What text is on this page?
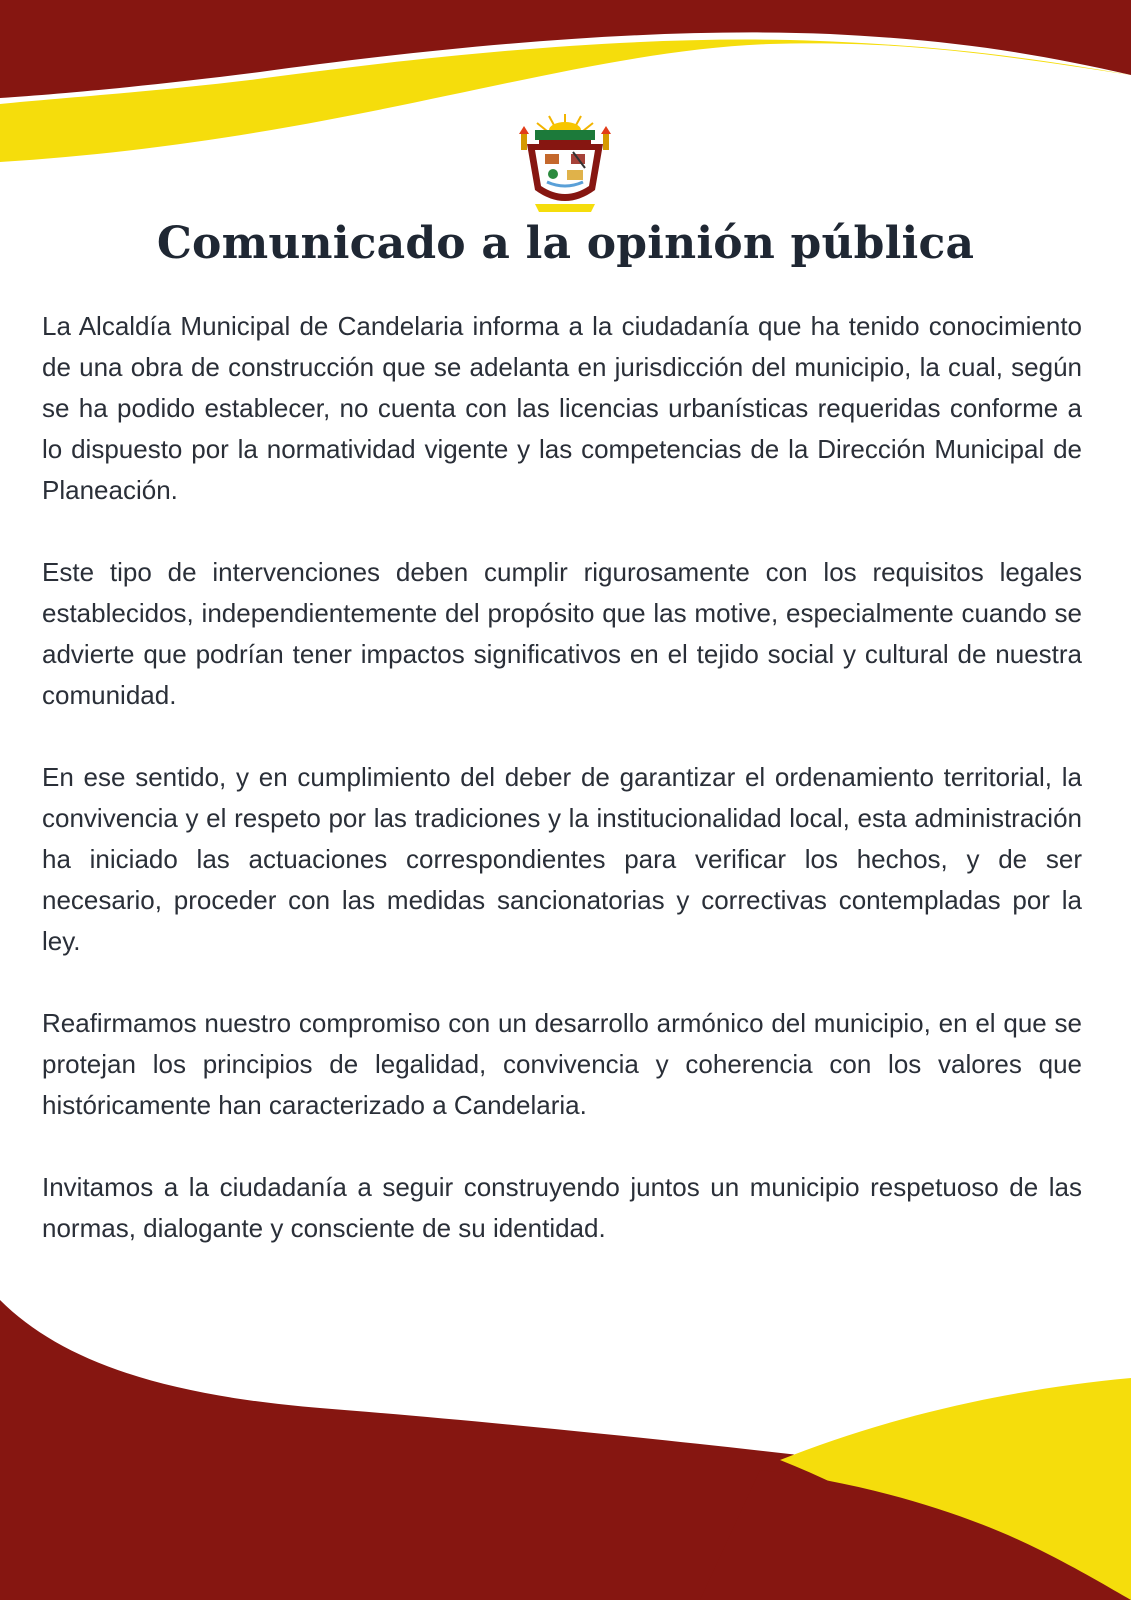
Comunicado a la opinión pública

La Alcaldía Municipal de Candelaria informa a la ciudadanía que ha tenido conocimiento de una obra de construcción que se adelanta en jurisdicción del municipio, la cual, según se ha podido establecer, no cuenta con las licencias urbanísticas requeridas conforme a lo dispuesto por la normatividad vigente y las competencias de la Dirección Municipal de Planeación.

Este tipo de intervenciones deben cumplir rigurosamente con los requisitos legales establecidos, independientemente del propósito que las motive, especialmente cuando se advierte que podrían tener impactos significativos en el tejido social y cultural de nuestra comunidad.

En ese sentido, y en cumplimiento del deber de garantizar el ordenamiento territorial, la convivencia y el respeto por las tradiciones y la institucionalidad local, esta administración ha iniciado las actuaciones correspondientes para verificar los hechos, y de ser necesario, proceder con las medidas sancionatorias y correctivas contempladas por la ley.

Reafirmamos nuestro compromiso con un desarrollo armónico del municipio, en el que se protejan los principios de legalidad, convivencia y coherencia con los valores que históricamente han caracterizado a Candelaria.

Invitamos a la ciudadanía a seguir construyendo juntos un municipio respetuoso de las normas, dialogante y consciente de su identidad.
